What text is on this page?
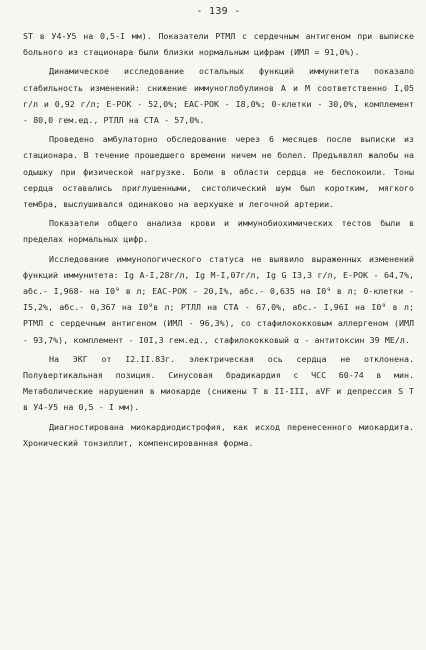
- 139 -

ST в У4-У5 на 0,5-I мм). Показатели РТМЛ с сердечным антигеном при выписке больного из стационара были близки нормальным цифрам (ИМЛ = 91,0%).

Динамическое исследование остальных функций иммунитета показало стабильность изменений: снижение иммуноглобулинов А и М соответственно I,05 г/л и 0,92 г/л; Е-РОК - 52,0%; ЕАС-РОК - I8,0%; 0-клетки - 30,0%, комплемент - 80,0 гем.ед., РТЛЛ на СТА - 57,0%.

Проведено амбулаторно обследование через 6 месяцев после выписки из стационара. В течение прошедшего времени ничем не болел. Предъявлял жалобы на одышку при физической нагрузке. Боли в области сердца не беспокоили. Тоны сердца оставались приглушенными, систолический шум был коротким, мягкого тембра, выслушивался одинаково на верхушке и легочной артерии.

Показатели общего анализа крови и иммунобиохимических тестов были в пределах нормальных цифр.

Исследование иммунологического статуса не выявило выраженных изменений функций иммунитета: Ig A-I,28г/л, Ig M-I,07г/л, Ig G I3,3 г/л, Е-РОК - 64,7%, абс.- I,968- на I0⁹ в л; ЕАС-РОК - 20,I%, абс.- 0,635 на I0⁹ в л; 0-клетки - I5,2%, абс.- 0,367 на I0⁹в л; РТЛЛ на СТА - 67,0%, абс.- I,96I на I0⁹ в л; РТМЛ с сердечным антигеном (ИМЛ - 96,3%), со стафилококковым аллергеном (ИМЛ - 93,7%), комплемент - I0I,3 гем.ед., стафилококковый α - антитоксин 39 МЕ/л.

На ЭКГ от I2.II.83г. электрическая ось сердца не отклонена. Полувертикальная позиция. Синусовая брадикардия с ЧСС 60-74 в мин. Метаболические нарушения в миокарде (снижены Т в II-III, aVF и депрессия S T в У4-У5 на 0,5 - I мм).

Диагностирована миокардиодистрофия, как исход перенесенного миокардита. Хронический тонзиллит, компенсированная форма.
